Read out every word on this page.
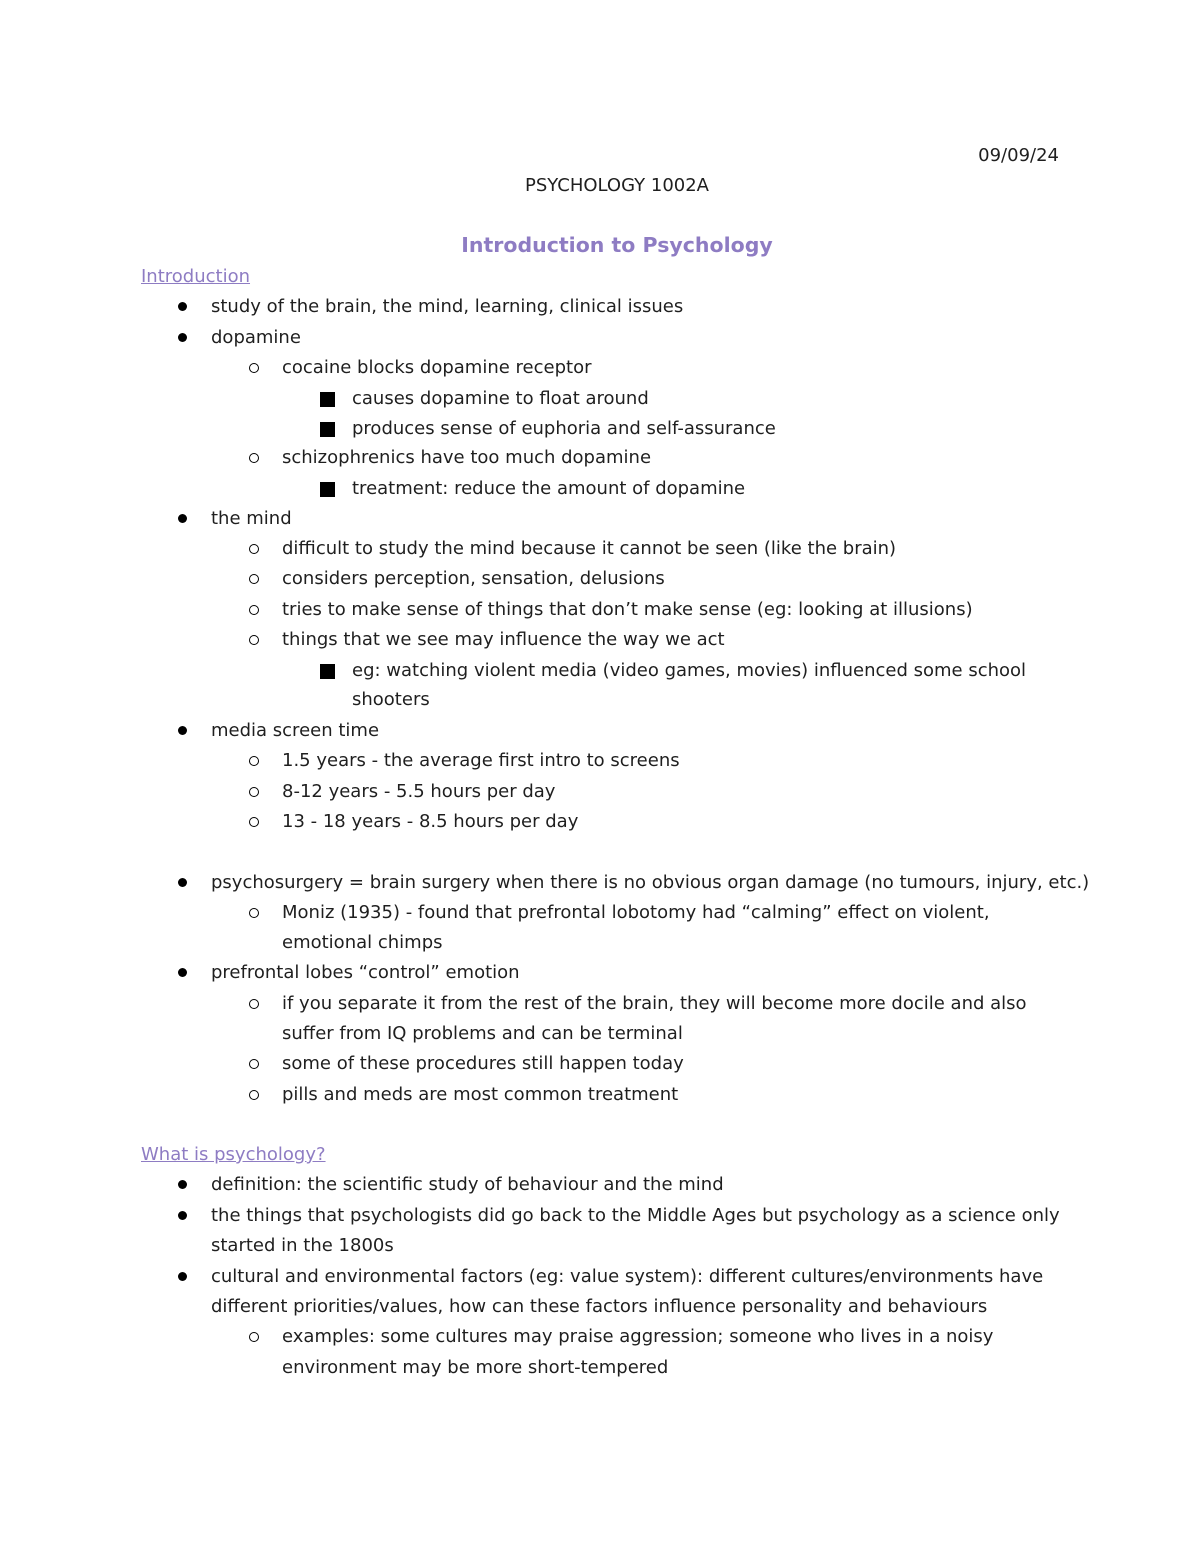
09/09/24
PSYCHOLOGY 1002A
Introduction to Psychology
Introduction
What is psychology?
study of the brain, the mind, learning, clinical issues
dopamine
cocaine blocks dopamine receptor
causes dopamine to float around
produces sense of euphoria and self-assurance
schizophrenics have too much dopamine
treatment: reduce the amount of dopamine
the mind
difficult to study the mind because it cannot be seen (like the brain)
considers perception, sensation, delusions
tries to make sense of things that don’t make sense (eg: looking at illusions)
things that we see may influence the way we act
eg: watching violent media (video games, movies) influenced some school
shooters
media screen time
1.5 years - the average first intro to screens
8-12 years - 5.5 hours per day
13 - 18 years - 8.5 hours per day
psychosurgery = brain surgery when there is no obvious organ damage (no tumours, injury, etc.)
Moniz (1935) - found that prefrontal lobotomy had “calming” effect on violent,
emotional chimps
prefrontal lobes “control” emotion
if you separate it from the rest of the brain, they will become more docile and also
suffer from IQ problems and can be terminal
some of these procedures still happen today
pills and meds are most common treatment
definition: the scientific study of behaviour and the mind
the things that psychologists did go back to the Middle Ages but psychology as a science only
started in the 1800s
cultural and environmental factors (eg: value system): different cultures/environments have
different priorities/values, how can these factors influence personality and behaviours
examples: some cultures may praise aggression; someone who lives in a noisy
environment may be more short-tempered
